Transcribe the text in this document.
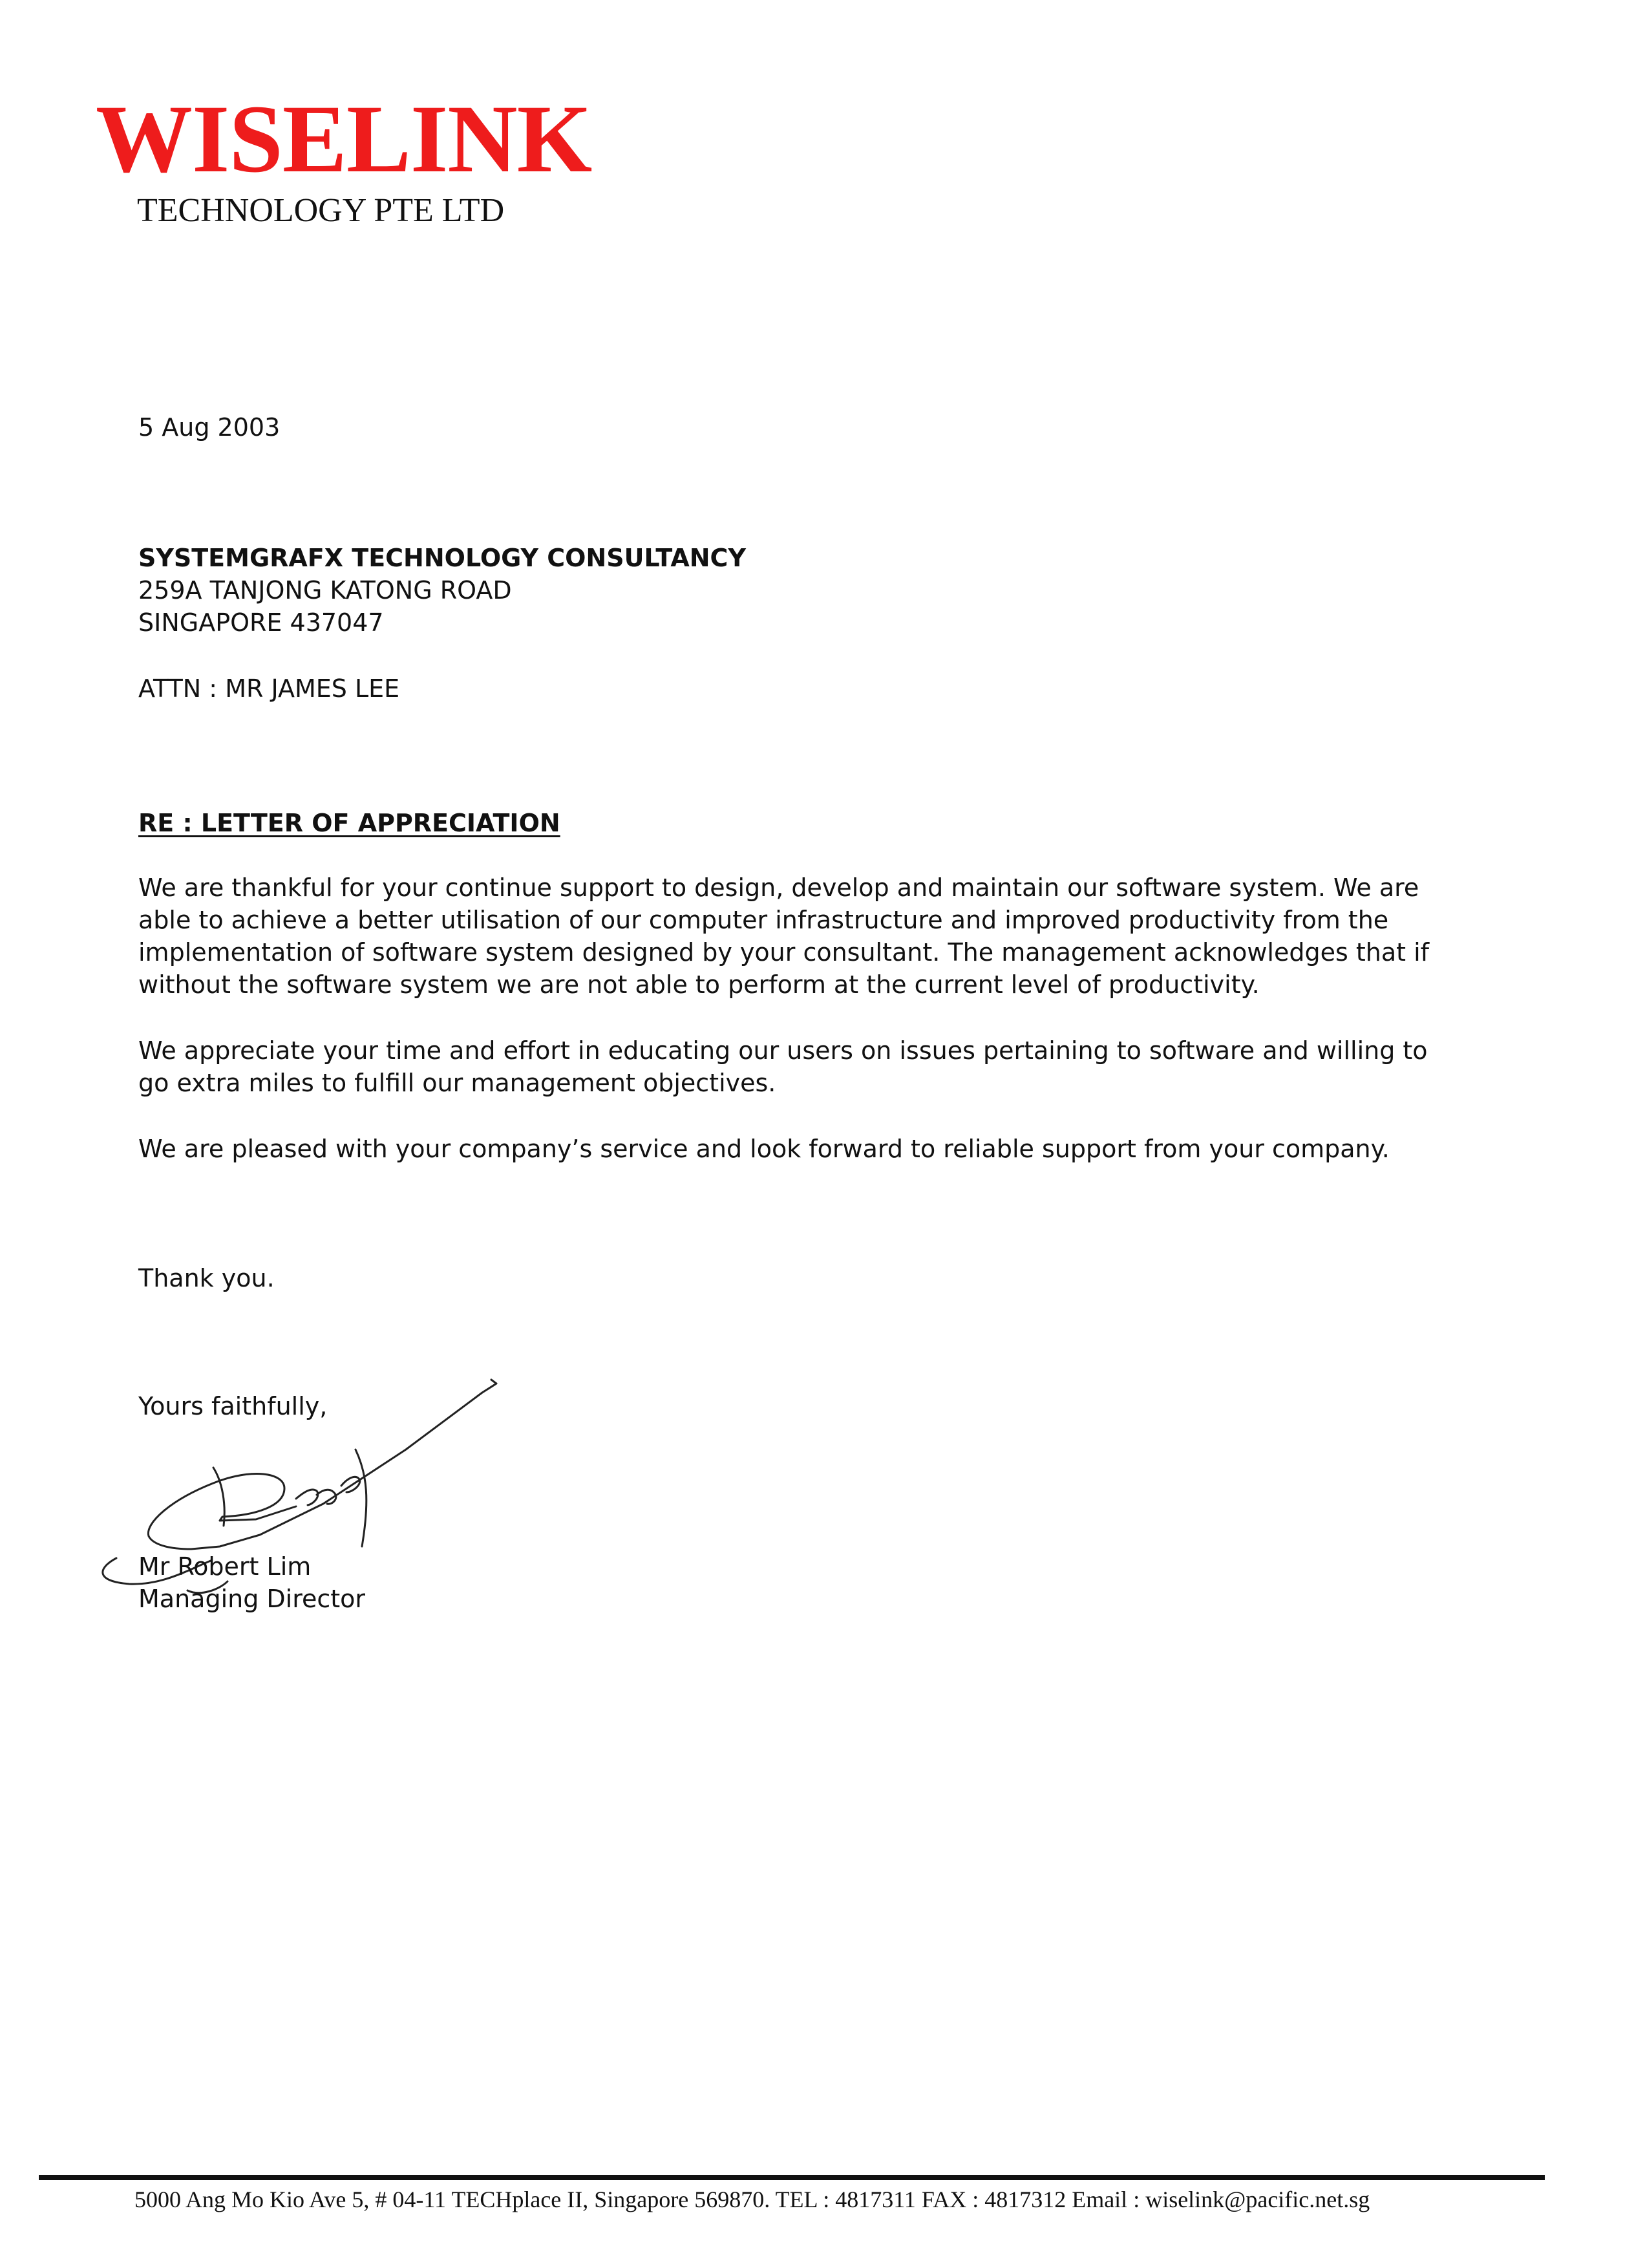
WISELINK
TECHNOLOGY PTE LTD
5 Aug 2003
SYSTEMGRAFX TECHNOLOGY CONSULTANCY
259A TANJONG KATONG ROAD
SINGAPORE 437047
ATTN : MR JAMES LEE
RE : LETTER OF APPRECIATION

We are thankful for your continue support to design, develop and maintain our software system. We are able to achieve a better utilisation of our computer infrastructure and improved productivity from the implementation of software system designed by your consultant. The management acknowledges that if without the software system we are not able to perform at the current level of productivity.

We appreciate your time and effort in educating our users on issues pertaining to software and willing to go extra miles to fulfill our management objectives.

We are pleased with your company’s service and look forward to reliable support from your company.

Thank you.
Yours faithfully,
Mr Robert Lim
Managing Director
5000 Ang Mo Kio Ave 5, # 04-11 TECHplace II, Singapore 569870. TEL : 4817311 FAX : 4817312 Email : wiselink@pacific.net.sg
